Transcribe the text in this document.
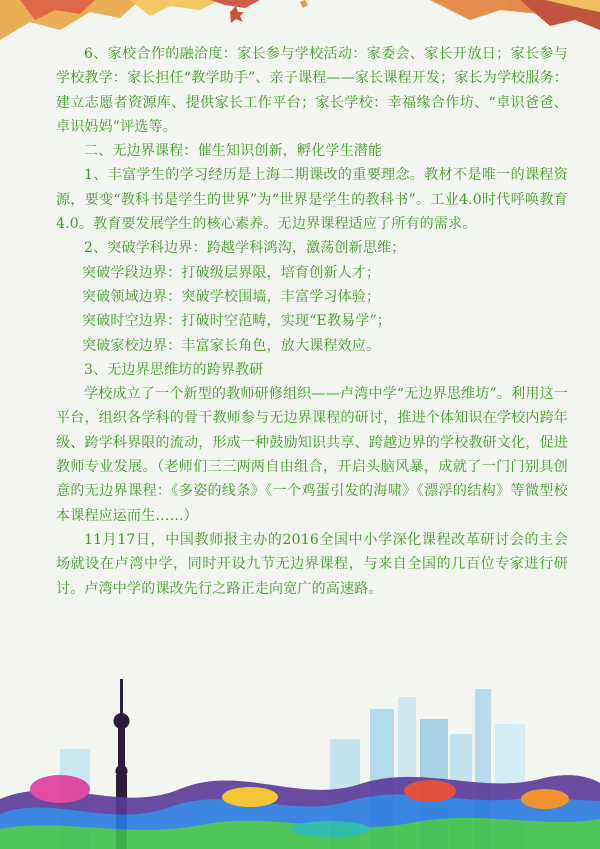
6、家校合作的融洽度：家长参与学校活动：家委会、家长开放日；家长参与学校教学：家长担任“教学助手”、亲子课程——家长课程开发；家长为学校服务：建立志愿者资源库、提供家长工作平台；家长学校：幸福缘合作坊、“卓识爸爸、卓识妈妈”评选等。

二、无边界课程：催生知识创新，孵化学生潜能

1、丰富学生的学习经历是上海二期课改的重要理念。教材不是唯一的课程资源，要变“教科书是学生的世界”为“世界是学生的教科书”。工业4.0时代呼唤教育4.0。教育要发展学生的核心素养。无边界课程适应了所有的需求。

2、突破学科边界：跨越学科鸿沟，激荡创新思维；

突破学段边界：打破级层界限，培育创新人才；

突破领域边界：突破学校围墙，丰富学习体验；

突破时空边界：打破时空范畴，实现“E教易学”；

突破家校边界：丰富家长角色，放大课程效应。

3、无边界思维坊的跨界教研

学校成立了一个新型的教师研修组织——卢湾中学“无边界思维坊”。利用这一平台，组织各学科的骨干教师参与无边界课程的研讨，推进个体知识在学校内跨年级、跨学科界限的流动，形成一种鼓励知识共享、跨越边界的学校教研文化，促进教师专业发展。（老师们三三两两自由组合，开启头脑风暴，成就了一门门别具创意的无边界课程：《多姿的线条》《一个鸡蛋引发的海啸》《漂浮的结构》等微型校本课程应运而生……）

11月17日，中国教师报主办的2016全国中小学深化课程改革研讨会的主会场就设在卢湾中学，同时开设九节无边界课程，与来自全国的几百位专家进行研讨。卢湾中学的课改先行之路正走向宽广的高速路。
